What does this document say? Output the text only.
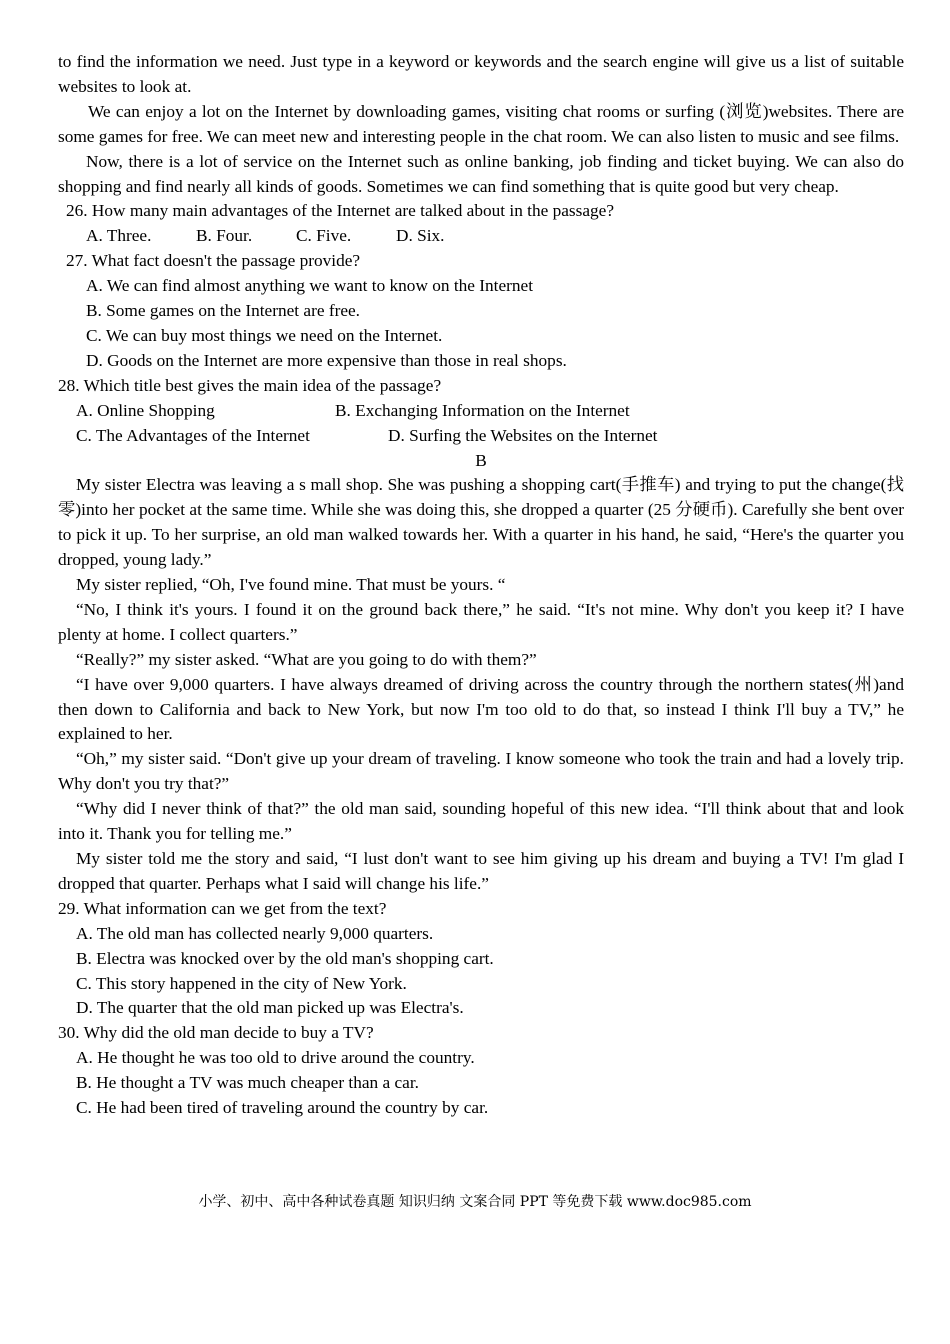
to find the information we need. Just type in a keyword or keywords and the search engine will give us a list of suitable websites to look at.

We can enjoy a lot on the Internet by downloading games, visiting chat rooms or surfing (浏览)websites. There are some games for free. We can meet new and interesting people in the chat room. We can also listen to music and see films.

Now, there is a lot of service on the Internet such as online banking, job finding and ticket buying. We can also do shopping and find nearly all kinds of goods. Sometimes we can find something that is quite good but very cheap.

26. How many main advantages of the Internet are talked about in the passage?

A. Three.	B. Four.	C. Five.	D. Six.

27. What fact doesn't the passage provide?

A. We can find almost anything we want to know on the Internet

B. Some games on the Internet are free.

C. We can buy most things we need on the Internet.

D. Goods on the Internet are more expensive than those in real shops.

28. Which title best gives the main idea of the passage?

A. Online Shopping	B. Exchanging Information on the Internet
C. The Advantages of the Internet	D. Surfing the Websites on the Internet

B

My sister Electra was leaving a s mall shop. She was pushing a shopping cart(手推车) and trying to put the change(找零)into her pocket at the same time. While she was doing this, she dropped a quarter (25 分硬币). Carefully she bent over to pick it up. To her surprise, an old man walked towards her. With a quarter in his hand, he said, “Here's the quarter you dropped, young lady.”

My sister replied, “Oh, I've found mine. That must be yours. “

“No, I think it's yours. I found it on the ground back there,” he said. “It's not mine. Why don't you keep it? I have plenty at home. I collect quarters.”

“Really?” my sister asked. “What are you going to do with them?”

“I have over 9,000 quarters. I have always dreamed of driving across the country through the northern states(州)and then down to California and back to New York, but now I'm too old to do that, so instead I think I'll buy a TV,” he explained to her.

“Oh,” my sister said. “Don't give up your dream of traveling. I know someone who took the train and had a lovely trip. Why don't you try that?”

“Why did I never think of that?” the old man said, sounding hopeful of this new idea. “I'll think about that and look into it. Thank you for telling me.”

My sister told me the story and said, “I lust don't want to see him giving up his dream and buying a TV! I'm glad I dropped that quarter. Perhaps what I said will change his life.”

29. What information can we get from the text?

A. The old man has collected nearly 9,000 quarters.

B. Electra was knocked over by the old man's shopping cart.

C. This story happened in the city of New York.

D. The quarter that the old man picked up was Electra's.

30. Why did the old man decide to buy a TV?

A. He thought he was too old to drive around the country.

B. He thought a TV was much cheaper than a car.

C. He had been tired of traveling around the country by car.

小学、初中、高中各种试卷真题 知识归纳 文案合同 PPT 等免费下载 www.doc985.com
